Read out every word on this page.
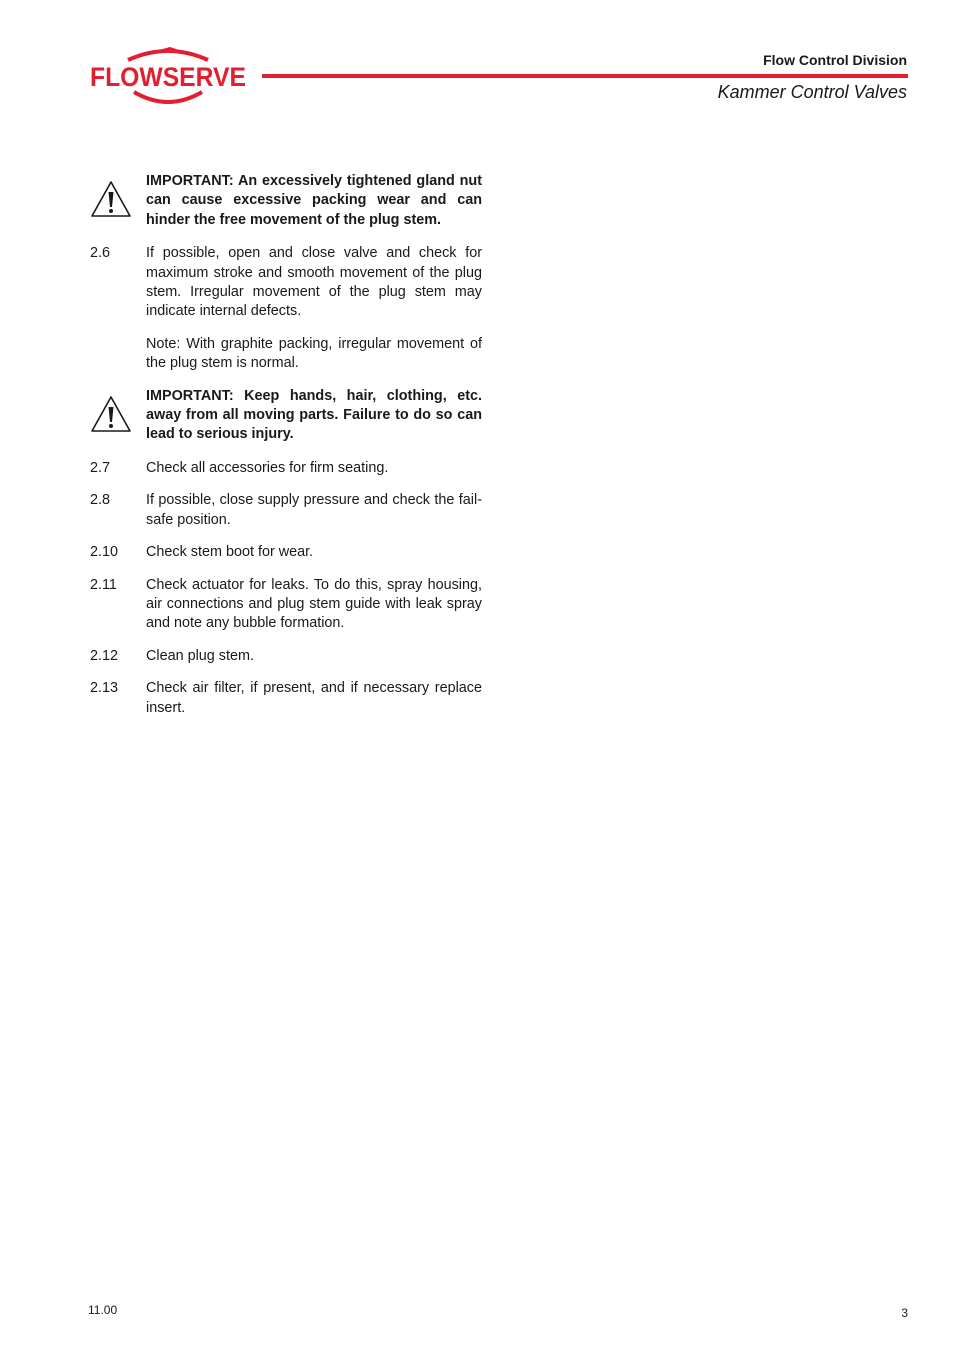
FLOWSERVE
Flow Control Division
Kammer Control Valves
IMPORTANT: An excessively tightened gland nut can cause excessive packing wear and can hinder the free movement of the plug stem.
2.6	If possible, open and close valve and check for maximum stroke and smooth movement of the plug stem. Irregular movement of the plug stem may indicate internal defects.

Note: With graphite packing, irregular movement of the plug stem is normal.

IMPORTANT: Keep hands, hair, clothing, etc. away from all moving parts. Failure to do so can lead to serious injury.
2.7	Check all accessories for firm seating.

2.8	If possible, close supply pressure and check the fail-safe position.

2.10	Check stem boot for wear.

2.11	Check actuator for leaks. To do this, spray housing, air connections and plug stem guide with leak spray and note any bubble formation.

2.12	Clean plug stem.

2.13	Check air filter, if present, and if necessary replace insert.

11.00	3
